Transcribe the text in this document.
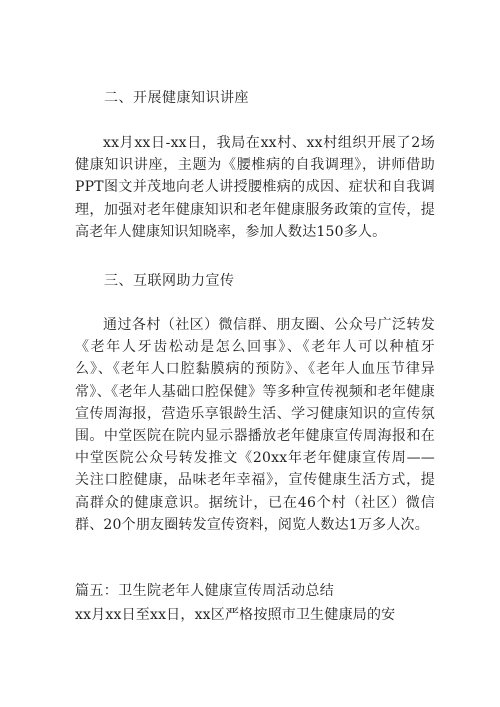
二、开展健康知识讲座

xx月xx日-xx日，我局在xx村、xx村组织开展了2场健康知识讲座，主题为《腰椎病的自我调理》，讲师借助PPT图文并茂地向老人讲授腰椎病的成因、症状和自我调理，加强对老年健康知识和老年健康服务政策的宣传，提高老年人健康知识知晓率，参加人数达150多人。

三、互联网助力宣传

通过各村（社区）微信群、朋友圈、公众号广泛转发《老年人牙齿松动是怎么回事》、《老年人可以种植牙么》、《老年人口腔黏膜病的预防》、《老年人血压节律异常》、《老年人基础口腔保健》等多种宣传视频和老年健康宣传周海报，营造乐享银龄生活、学习健康知识的宣传氛围。中堂医院在院内显示器播放老年健康宣传周海报和在中堂医院公众号转发推文《20xx年老年健康宣传周——关注口腔健康，品味老年幸福》，宣传健康生活方式，提高群众的健康意识。据统计，已在46个村（社区）微信群、20个朋友圈转发宣传资料，阅览人数达1万多人次。

篇五：卫生院老年人健康宣传周活动总结

xx月xx日至xx日，xx区严格按照市卫生健康局的安
